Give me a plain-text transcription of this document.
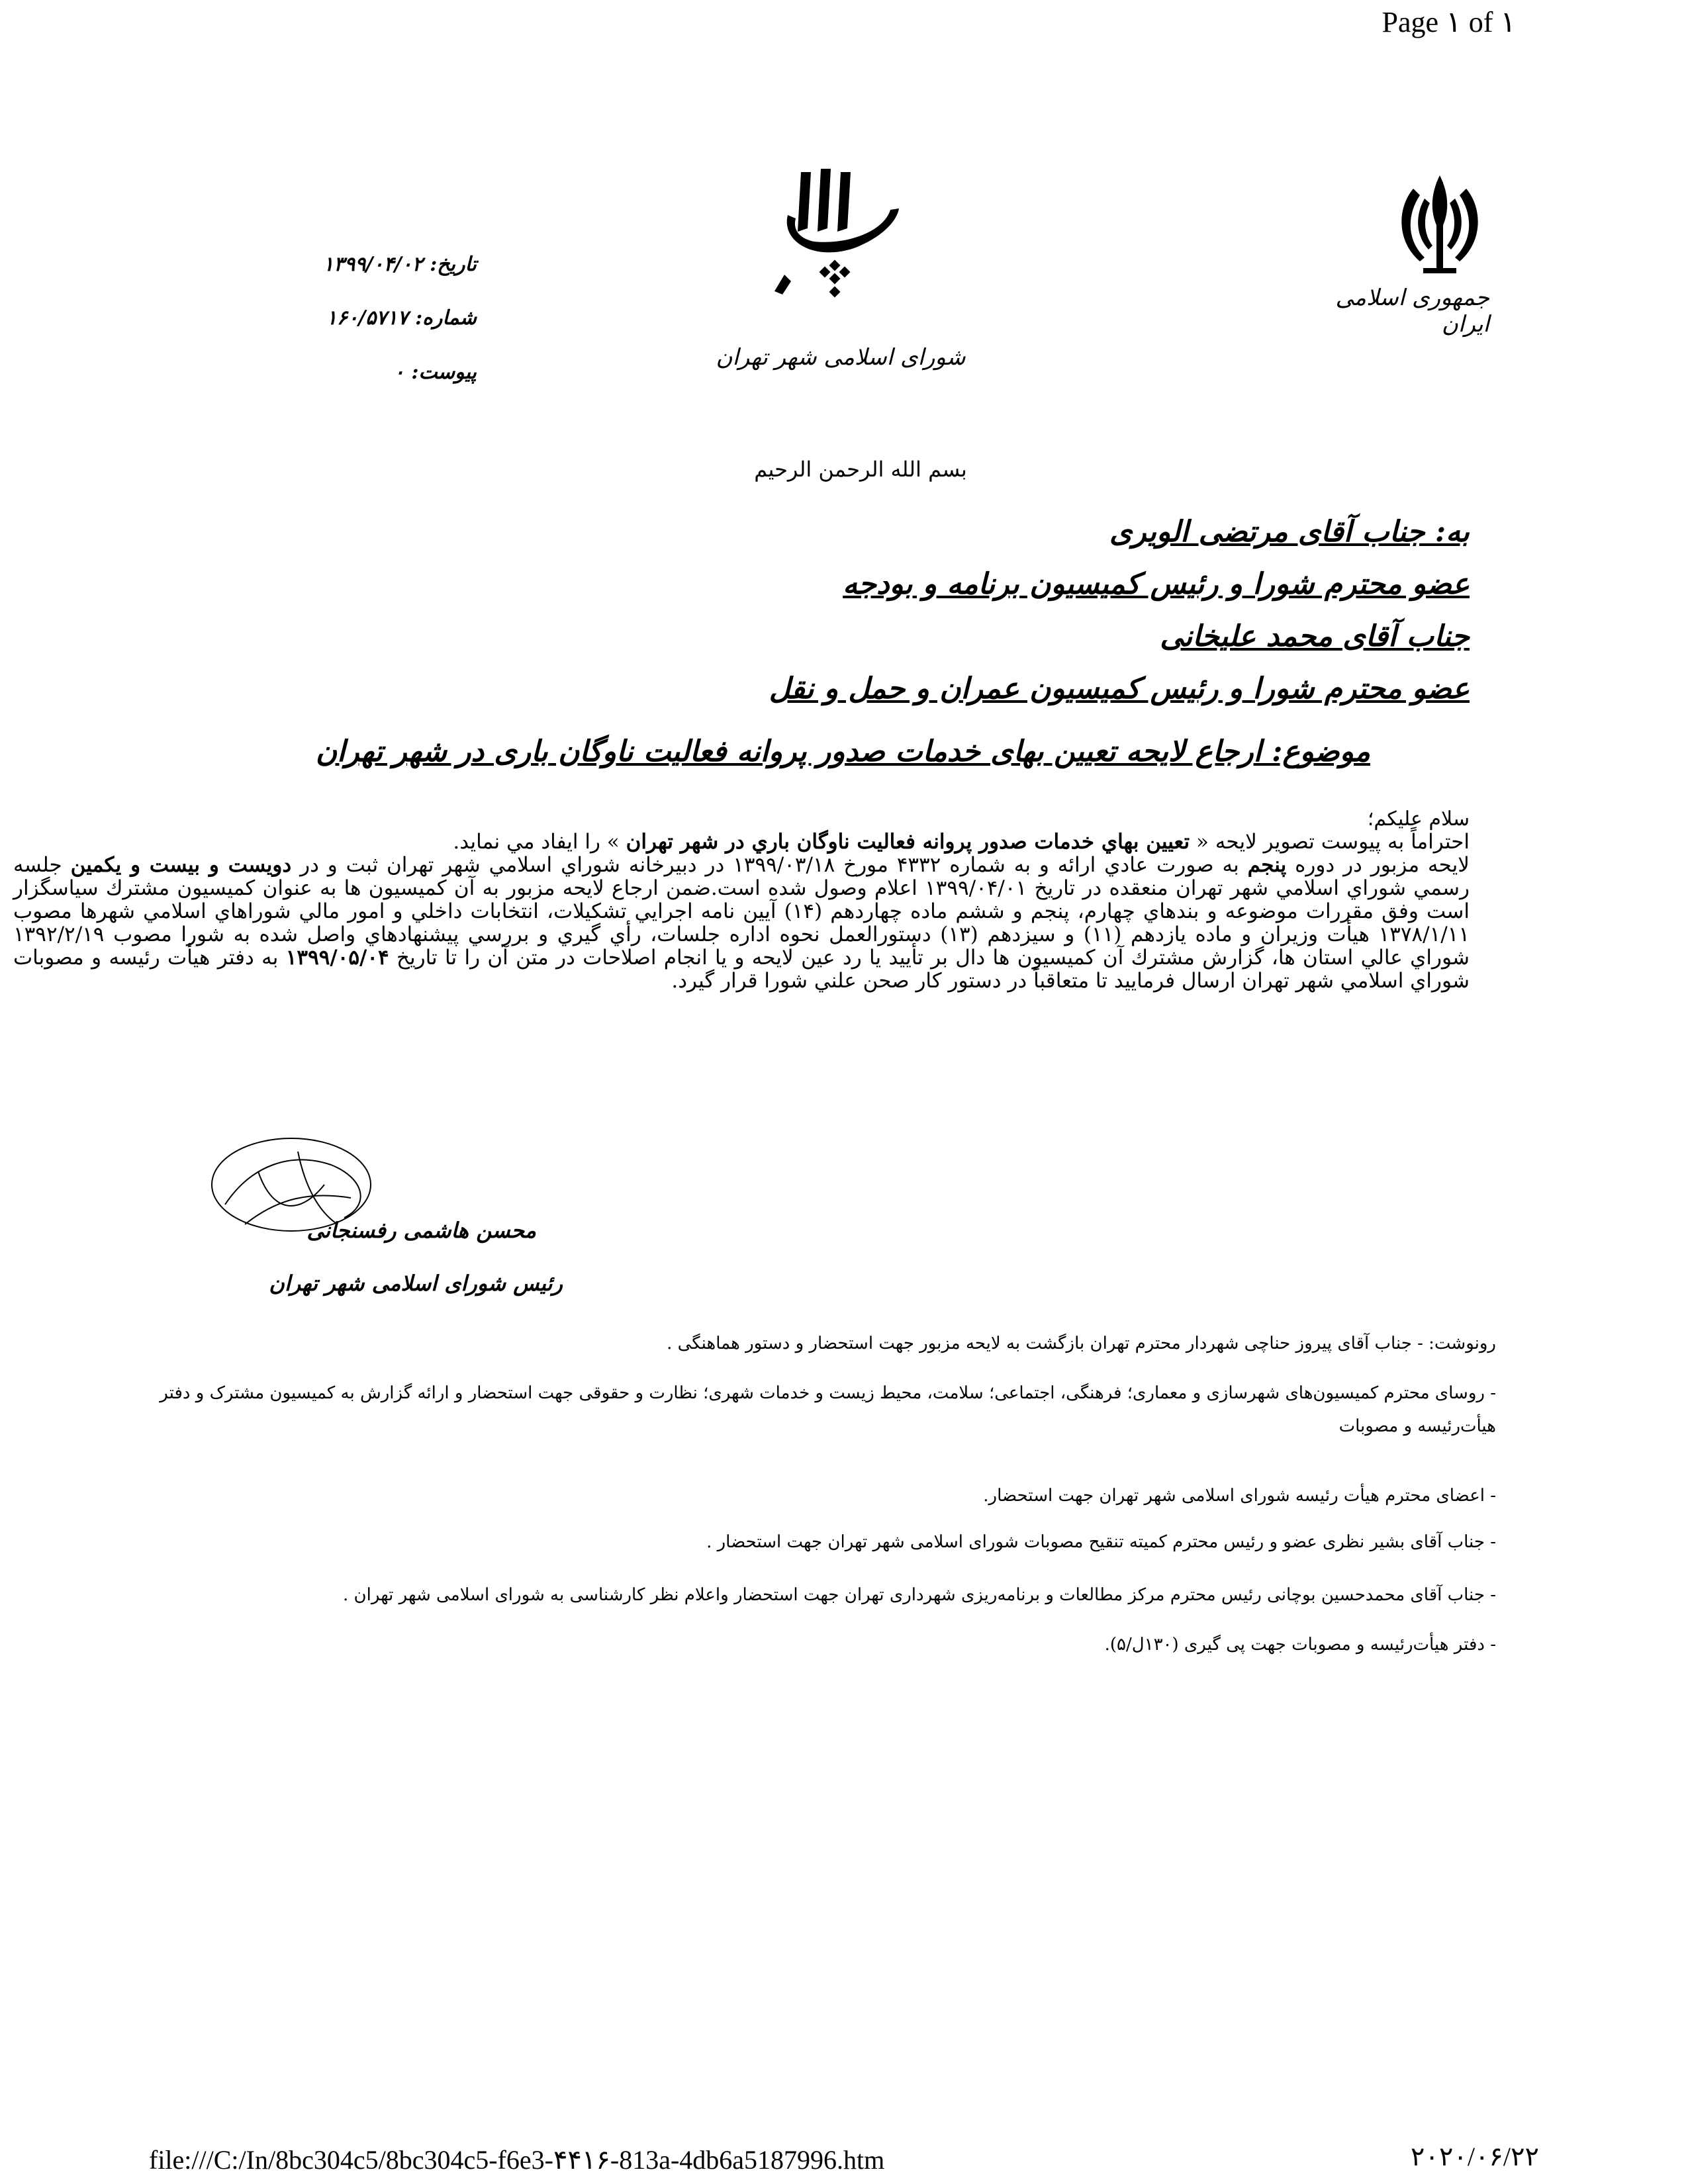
Page ۱ of ۱
جمهوری اسلامی ایران
شورای اسلامی شهر تهران
تاریخ: ۱۳۹۹/۰۴/۰۲
شماره: ۱۶۰/۵۷۱۷
پیوست: ۰
بسم الله الرحمن الرحیم
به: جناب آقای مرتضی الویری
عضو محترم شورا و رئیس کمیسیون برنامه و بودجه
جناب آقای محمد علیخانی
عضو محترم شورا و رئیس کمیسیون عمران و حمل و نقل
موضوع: ارجاع لایحه تعیین بهای خدمات صدور پروانه فعالیت ناوگان باری در شهر تهران
سلام علیکم؛
احتراماً به پیوست تصویر لایحه « تعیین بهاي خدمات صدور پروانه فعالیت ناوگان باري در شهر تهران » را ایفاد مي نماید.
لایحه مزبور در دوره پنجم به صورت عادي ارائه و به شماره ۴۳۳۲ مورخ ۱۳۹۹/۰۳/۱۸ در دبیرخانه شوراي اسلامي شهر تهران ثبت و در دویست و بیست و یکمین جلسه رسمي شوراي اسلامي شهر تهران منعقده در تاریخ ۱۳۹۹/۰۴/۰۱ اعلام وصول شده است.ضمن ارجاع لایحه مزبور به آن کمیسیون ها به عنوان کمیسیون مشترك سیاسگزار است وفق مقررات موضوعه و بندهاي چهارم، پنجم و ششم ماده چهاردهم (۱۴) آیین نامه اجرایي تشکیلات، انتخابات داخلي و امور مالي شوراهاي اسلامي شهرها مصوب ۱۳۷۸/۱/۱۱ هیأت وزیران و ماده یازدهم (۱۱) و سیزدهم (۱۳) دستورالعمل نحوه اداره جلسات، رأي گیري و بررسي پیشنهادهاي واصل شده به شورا مصوب ۱۳۹۲/۲/۱۹ شوراي عالي استان ها، گزارش مشترك آن کمیسیون ها دال بر تأیید یا رد عین لایحه و یا انجام اصلاحات در متن آن را تا تاریخ ۱۳۹۹/۰۵/۰۴ به دفتر هیأت رئیسه و مصوبات شوراي اسلامي شهر تهران ارسال فرمایید تا متعاقباً در دستور کار صحن علني شورا قرار گیرد.
محسن هاشمی رفسنجانی
رئیس شورای اسلامی شهر تهران
رونوشت: - جناب آقای پیروز حناچی شهردار محترم تهران بازگشت به لایحه مزبور جهت استحضار و دستور هماهنگی .
- روسای محترم کمیسیون‌های شهرسازی و معماری؛ فرهنگی، اجتماعی؛ سلامت، محیط زیست و خدمات شهری؛ نظارت و حقوقی جهت استحضار و ارائه گزارش به کمیسیون مشترک و دفتر هیأت‌رئیسه و مصوبات
- اعضای محترم هیأت رئیسه شورای اسلامی شهر تهران جهت استحضار.
- جناب آقای بشیر نظری عضو و رئیس محترم کمیته تنقیح مصوبات شورای اسلامی شهر تهران جهت استحضار .
- جناب آقای محمدحسین بوچانی رئیس محترم مرکز مطالعات و برنامه‌ریزی شهرداری تهران جهت استحضار واعلام نظر کارشناسی به شورای اسلامی شهر تهران .
- دفتر هیأت‌رئیسه و مصوبات جهت پی گیری (۱۳۰ل/۵).
file:///C:/In/8bc304c5/8bc304c5-f6e3-۴۴۱۶-813a-4db6a5187996.htm	۲۰۲۰/۰۶/۲۲
